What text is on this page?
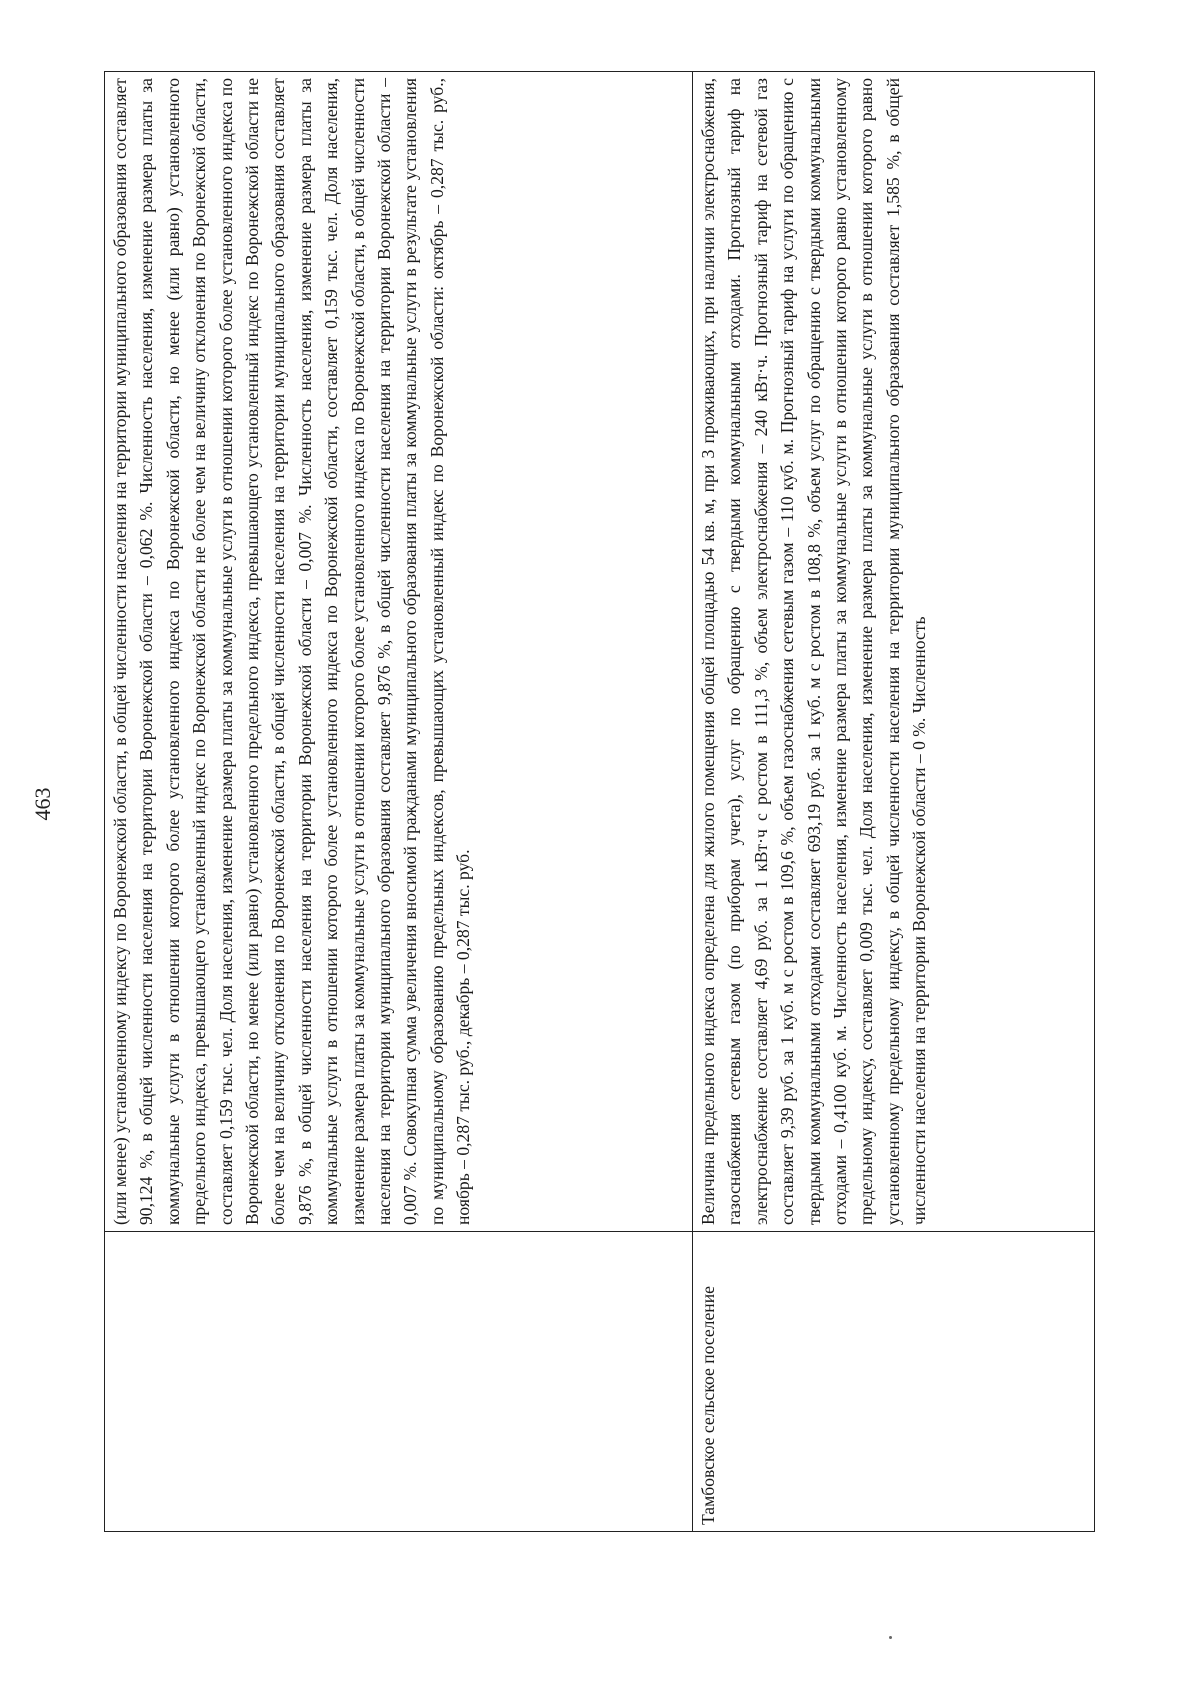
463
		(или менее) установленному индексу по Воронежской области, в общей численности населения на территории муниципального образования составляет 90,124 %, в общей численности населения на территории Воронежской области – 0,062 %. Численность населения, изменение размера платы за коммунальные услуги в отношении которого более установленного индекса по Воронежской области, но менее (или равно) установленного предельного индекса, превышающего установленный индекс по Воронежской области не более чем на величину отклонения по Воронежской области, составляет 0,159 тыс. чел. Доля населения, изменение размера платы за коммунальные услуги в отношении которого более установленного индекса по Воронежской области, но менее (или равно) установленного предельного индекса, превышающего установленный индекс по Воронежской области не более чем на величину отклонения по Воронежской области, в общей численности населения на территории муниципального образования составляет 9,876 %, в общей численности населения на территории Воронежской области – 0,007 %. Численность населения, изменение размера платы за коммунальные услуги в отношении которого более установленного индекса по Воронежской области, составляет 0,159 тыс. чел. Доля населения, изменение размера платы за коммунальные услуги в отношении которого более установленного индекса по Воронежской области, в общей численности населения на территории муниципального образования составляет 9,876 %, в общей численности населения на территории Воронежской области – 0,007 %. Совокупная сумма увеличения вносимой гражданами муниципального образования платы за коммунальные услуги в результате установления по муниципальному образованию предельных индексов, превышающих установленный индекс по Воронежской области: октябрь – 0,287 тыс. руб., ноябрь – 0,287 тыс. руб., декабрь – 0,287 тыс. руб.
Тамбовское сельское поселение	Величина предельного индекса определена для жилого помещения общей площадью 54 кв. м, при 3 проживающих, при наличии электроснабжения, газоснабжения сетевым газом (по приборам учета), услуг по обращению с твердыми коммунальными отходами. Прогнозный тариф на электроснабжение составляет 4,69 руб. за 1 кВт·ч с ростом в 111,3 %, объем электроснабжения – 240 кВт·ч. Прогнозный тариф на сетевой газ составляет 9,39 руб. за 1 куб. м с ростом в 109,6 %, объем газоснабжения сетевым газом – 110 куб. м. Прогнозный тариф на услуги по обращению с твердыми коммунальными отходами составляет 693,19 руб. за 1 куб. м с ростом в 108,8 %, объем услуг по обращению с твердыми коммунальными отходами – 0,4100 куб. м. Численность населения, изменение размера платы за коммунальные услуги в отношении которого равно установленному предельному индексу, составляет 0,009 тыс. чел. Доля населения, изменение размера платы за коммунальные услуги в отношении которого равно установленному предельному индексу, в общей численности населения на территории муниципального образования составляет 1,585 %, в общей численности населения на территории Воронежской области – 0 %. Численность
